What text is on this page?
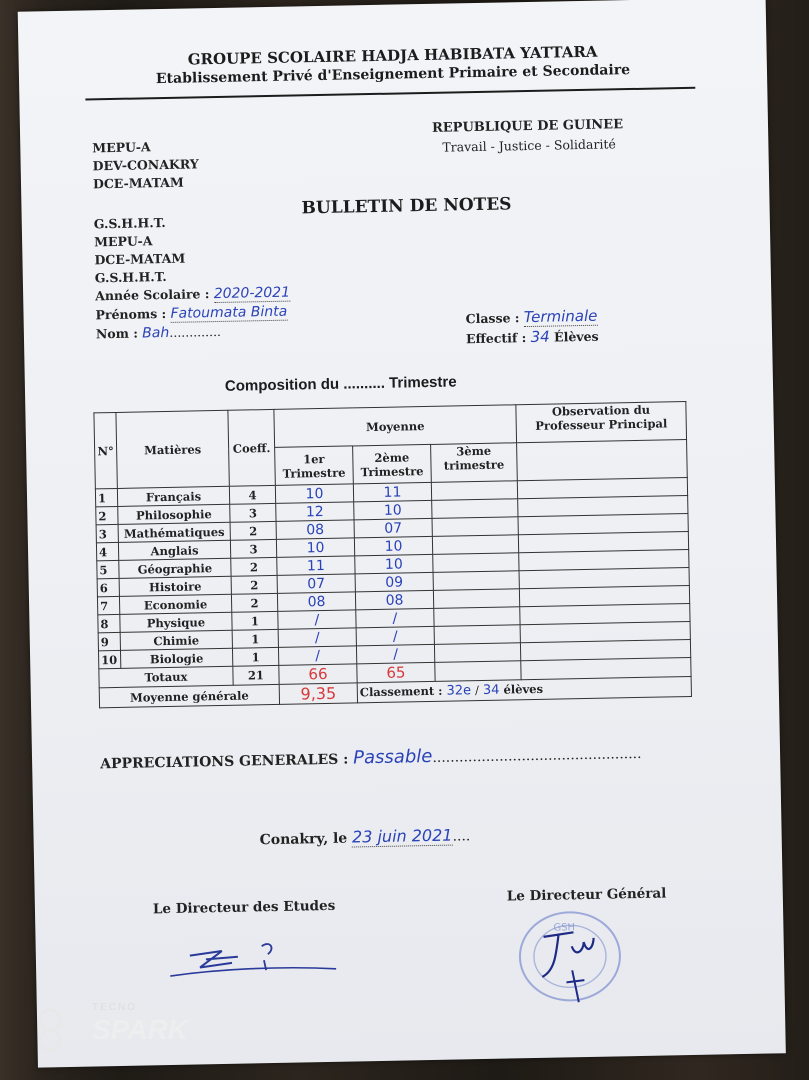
GROUPE SCOLAIRE HADJA HABIBATA YATTARA
Etablissement Privé d'Enseignement Primaire et Secondaire
MEPU-A
DEV-CONAKRY
DCE-MATAM
REPUBLIQUE DE GUINEE
Travail - Justice - Solidarité
BULLETIN DE NOTES
G.S.H.H.T.
MEPU-A
DCE-MATAM
G.S.H.H.T.
Année Scolaire : 2020-2021
Prénoms : Fatoumata Binta
Nom : Bah.............
Classe : Terminale
Effectif : 34 Élèves
Composition du .......... Trimestre
N°	Matières	Coeff.	Moyenne			Observation du Professeur Principal
			1er Trimestre	2ème Trimestre	3ème trimestre	
1	Français	4	10	11		
2	Philosophie	3	12	10		
3	Mathématiques	2	08	07		
4	Anglais	3	10	10		
5	Géographie	2	11	10		
6	Histoire	2	07	09		
7	Economie	2	08	08		
8	Physique	1	/	/		
9	Chimie	1	/	/		
10	Biologie	1	/	/		
Totaux		21	66	65		
Moyenne générale			9,35	Classement : 32e / 34 élèves		
APPRECIATIONS GENERALES : Passable...............................................
Conakry, le 23 juin 2021....
Le Directeur des Etudes
Le Directeur Général
GSH
TECNO
SPARK
